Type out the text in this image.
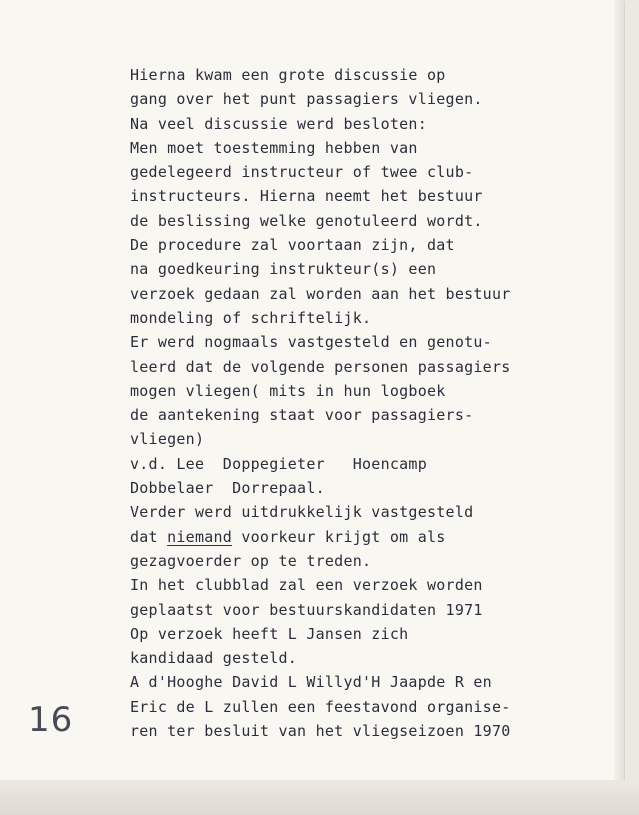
Hierna kwam een grote discussie op
gang over het punt passagiers vliegen.
Na veel discussie werd besloten:
Men moet toestemming hebben van
gedelegeerd instructeur of twee club-
instructeurs. Hierna neemt het bestuur
de beslissing welke genotuleerd wordt.
De procedure zal voortaan zijn, dat
na goedkeuring instrukteur(s) een
verzoek gedaan zal worden aan het bestuur
mondeling of schriftelijk.
Er werd nogmaals vastgesteld en genotu-
leerd dat de volgende personen passagiers
mogen vliegen( mits in hun logboek
de aantekening staat voor passagiers-
vliegen)
v.d. Lee  Doppegieter   Hoencamp
Dobbelaer  Dorrepaal.
Verder werd uitdrukkelijk vastgesteld
dat niemand voorkeur krijgt om als
gezagvoerder op te treden.
In het clubblad zal een verzoek worden
geplaatst voor bestuurskandidaten 1971
Op verzoek heeft L Jansen zich
kandidaad gesteld.
A d'Hooghe David L Willyd'H Jaapde R en
Eric de L zullen een feestavond organise-
ren ter besluit van het vliegseizoen 1970
16
